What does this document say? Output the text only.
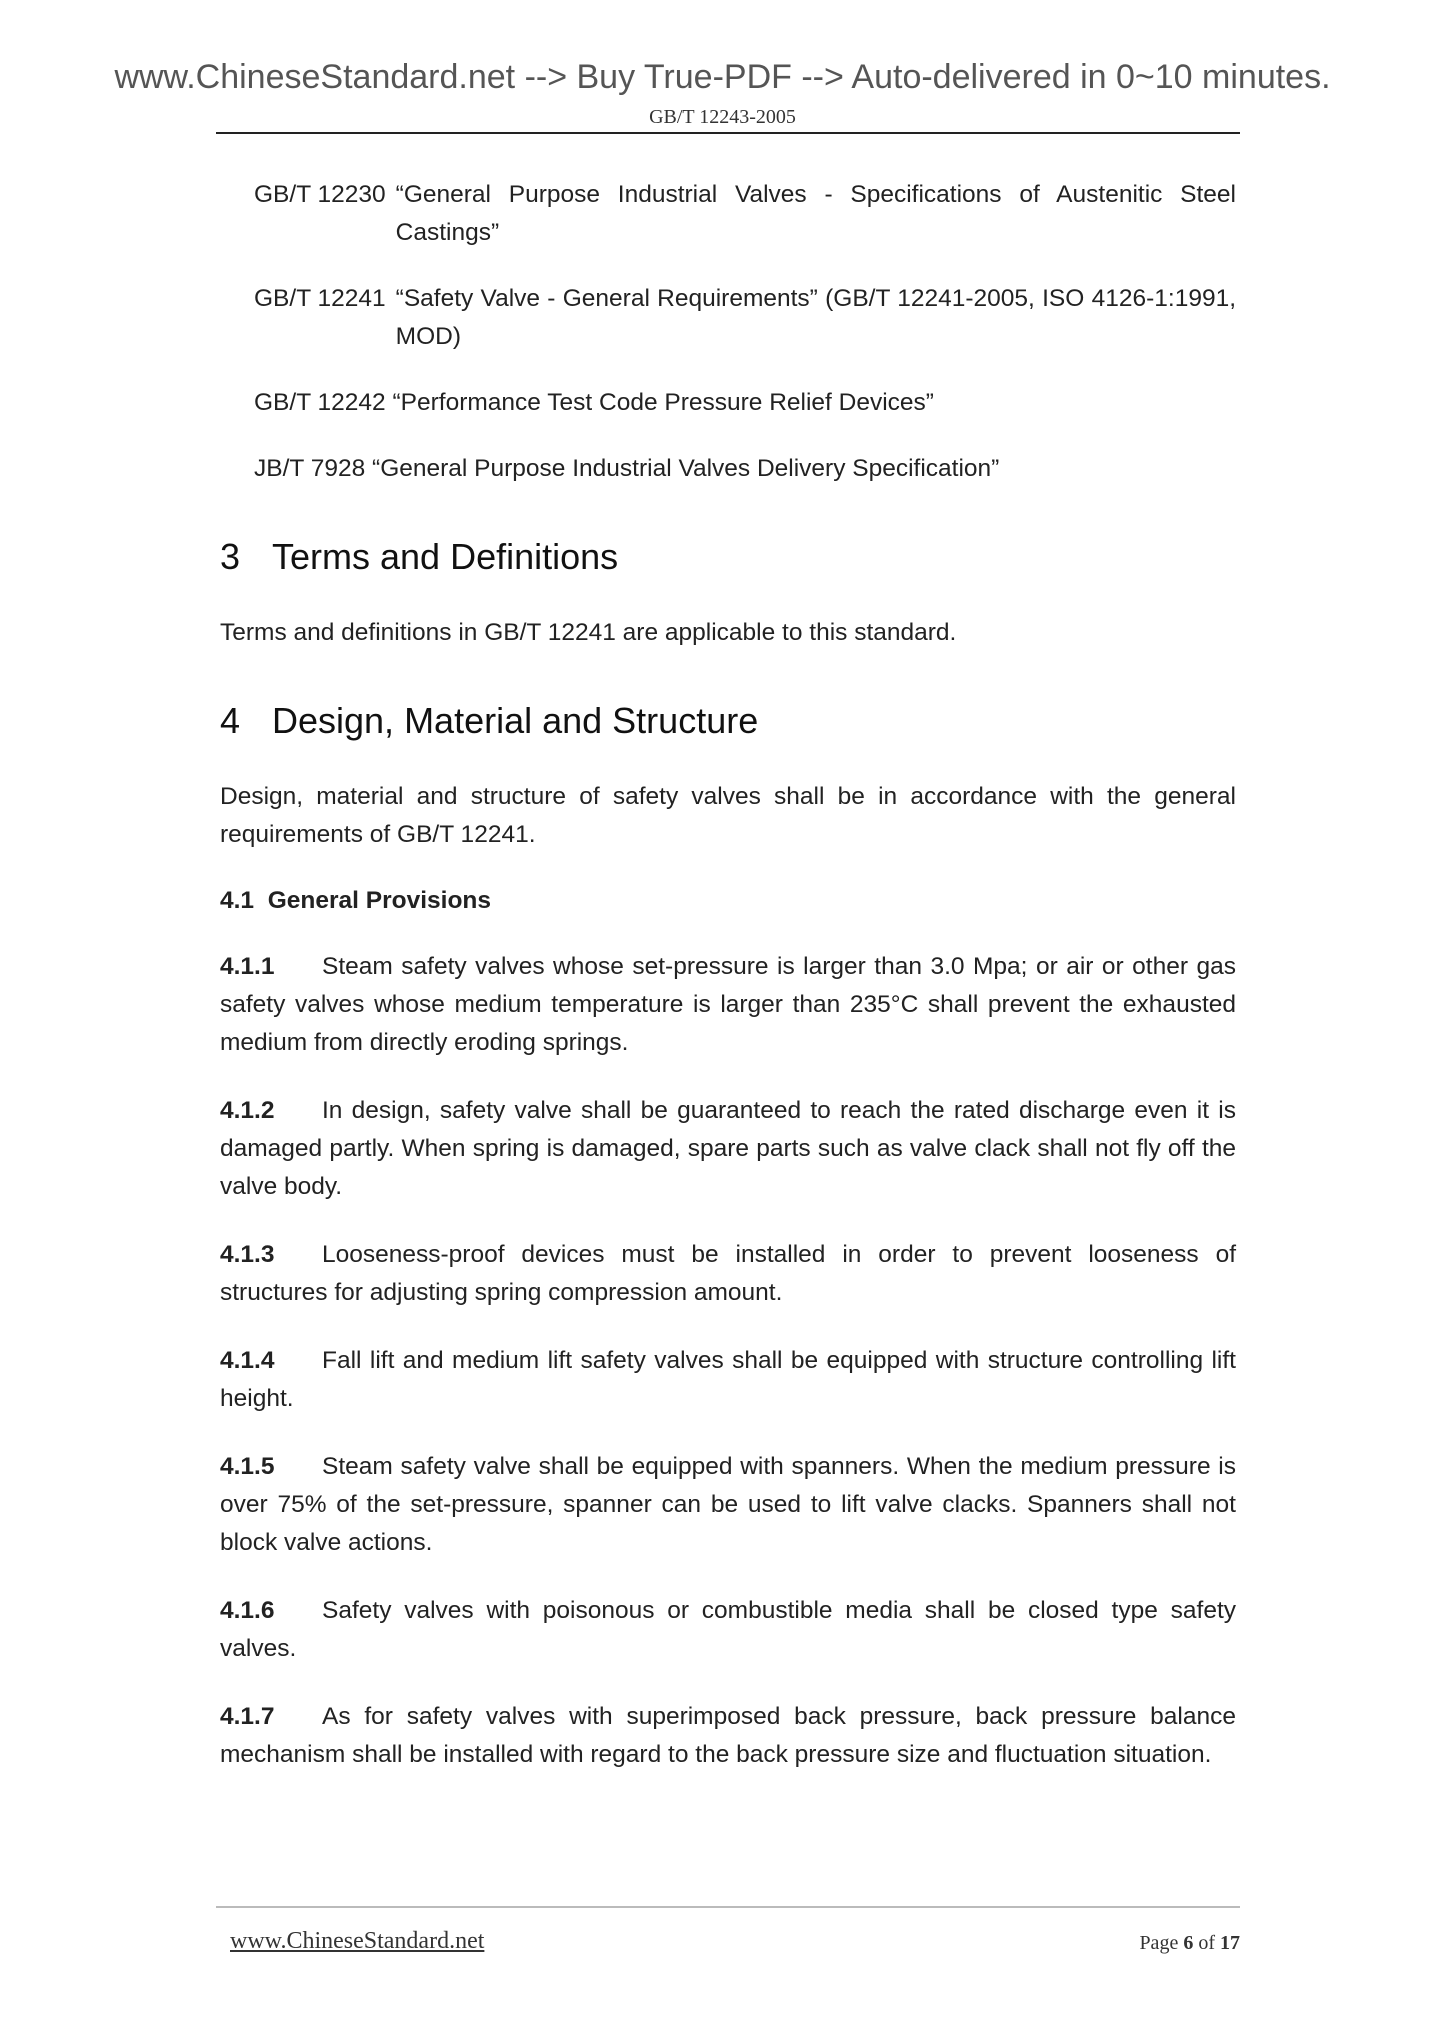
www.ChineseStandard.net --> Buy True-PDF --> Auto-delivered in 0~10 minutes.
GB/T 12243-2005
GB/T 12230 “General Purpose Industrial Valves - Specifications of Austenitic Steel Castings”
GB/T 12241 “Safety Valve - General Requirements” (GB/T 12241-2005, ISO 4126-1:1991, MOD)
GB/T 12242 “Performance Test Code Pressure Relief Devices”
JB/T 7928 “General Purpose Industrial Valves Delivery Specification”
3 Terms and Definitions

Terms and definitions in GB/T 12241 are applicable to this standard.

4 Design, Material and Structure

Design, material and structure of safety valves shall be in accordance with the general requirements of GB/T 12241.

4.1 General Provisions
4.1.1 Steam safety valves whose set-pressure is larger than 3.0 Mpa; or air or other gas safety valves whose medium temperature is larger than 235°C shall prevent the exhausted medium from directly eroding springs.
4.1.2 In design, safety valve shall be guaranteed to reach the rated discharge even it is damaged partly. When spring is damaged, spare parts such as valve clack shall not fly off the valve body.
4.1.3 Looseness-proof devices must be installed in order to prevent looseness of structures for adjusting spring compression amount.
4.1.4 Fall lift and medium lift safety valves shall be equipped with structure controlling lift height.
4.1.5 Steam safety valve shall be equipped with spanners. When the medium pressure is over 75% of the set-pressure, spanner can be used to lift valve clacks. Spanners shall not block valve actions.
4.1.6 Safety valves with poisonous or combustible media shall be closed type safety valves.
4.1.7 As for safety valves with superimposed back pressure, back pressure balance mechanism shall be installed with regard to the back pressure size and fluctuation situation.
www.ChineseStandard.net	Page 6 of 17
